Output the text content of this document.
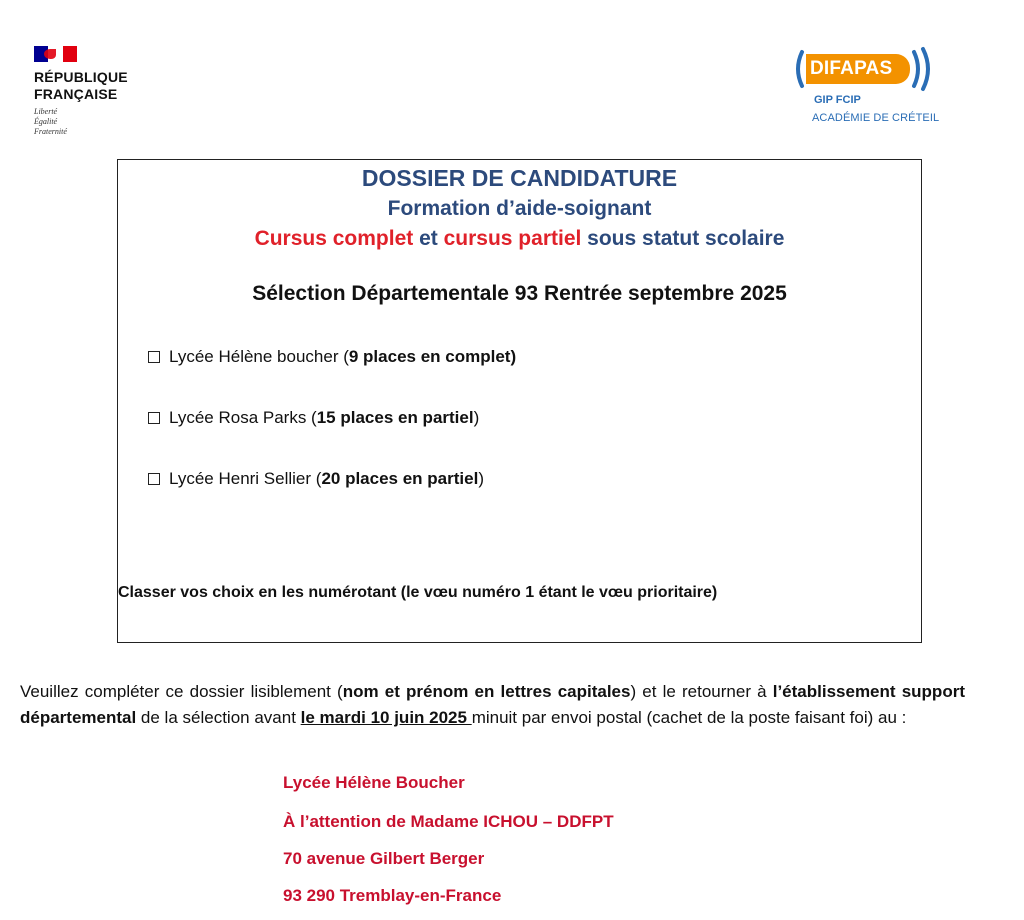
RÉPUBLIQUE
FRANÇAISE
Liberté
Égalité
Fraternité
DIFAPAS
GIP FCIP
ACADÉMIE DE CRÉTEIL
DOSSIER DE CANDIDATURE
Formation d’aide-soignant
Cursus complet et cursus partiel sous statut scolaire
Sélection Départementale 93 Rentrée septembre 2025
Lycée Hélène boucher ( 9 places en complet)
Lycée Rosa Parks ( 15 places en partiel )
Lycée Henri Sellier ( 20 places en partiel )
Classer vos choix en les numérotant (le vœu numéro 1 étant le vœu prioritaire)
Veuillez compléter ce dossier lisiblement (nom et prénom en lettres capitales) et le retourner à l’établissement support départemental de la sélection avant le mardi 10 juin 2025 minuit par envoi postal (cachet de la poste faisant foi) au :
Lycée Hélène Boucher
À l’attention de Madame ICHOU – DDFPT
70 avenue Gilbert Berger
93 290 Tremblay-en-France
